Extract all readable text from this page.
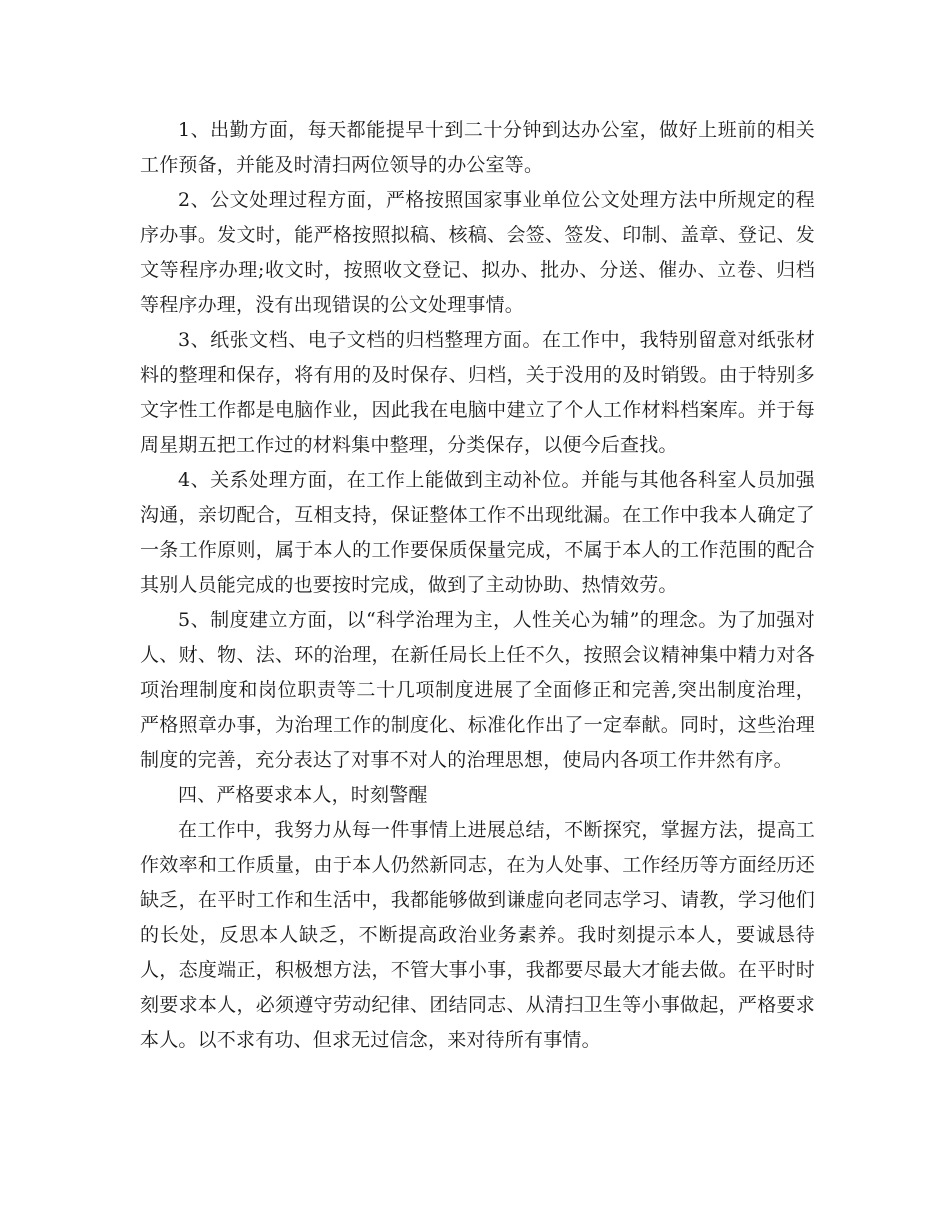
1、出勤方面，每天都能提早十到二十分钟到达办公室，做好上班前的相关工作预备，并能及时清扫两位领导的办公室等。

2、公文处理过程方面，严格按照国家事业单位公文处理方法中所规定的程序办事。发文时，能严格按照拟稿、核稿、会签、签发、印制、盖章、登记、发文等程序办理;收文时，按照收文登记、拟办、批办、分送、催办、立卷、归档等程序办理，没有出现错误的公文处理事情。

3、纸张文档、电子文档的归档整理方面。在工作中，我特别留意对纸张材料的整理和保存，将有用的及时保存、归档，关于没用的及时销毁。由于特别多文字性工作都是电脑作业，因此我在电脑中建立了个人工作材料档案库。并于每周星期五把工作过的材料集中整理，分类保存，以便今后查找。

4、关系处理方面，在工作上能做到主动补位。并能与其他各科室人员加强沟通，亲切配合，互相支持，保证整体工作不出现纰漏。在工作中我本人确定了一条工作原则，属于本人的工作要保质保量完成，不属于本人的工作范围的配合其别人员能完成的也要按时完成，做到了主动协助、热情效劳。

5、制度建立方面，以“科学治理为主，人性关心为辅”的理念。为了加强对人、财、物、法、环的治理，在新任局长上任不久，按照会议精神集中精力对各项治理制度和岗位职责等二十几项制度进展了全面修正和完善,突出制度治理，严格照章办事，为治理工作的制度化、标准化作出了一定奉献。同时，这些治理制度的完善，充分表达了对事不对人的治理思想，使局内各项工作井然有序。

四、严格要求本人，时刻警醒

在工作中，我努力从每一件事情上进展总结，不断探究，掌握方法，提高工作效率和工作质量，由于本人仍然新同志，在为人处事、工作经历等方面经历还缺乏，在平时工作和生活中，我都能够做到谦虚向老同志学习、请教，学习他们的长处，反思本人缺乏，不断提高政治业务素养。我时刻提示本人，要诚恳待人，态度端正，积极想方法，不管大事小事，我都要尽最大才能去做。在平时时刻要求本人，必须遵守劳动纪律、团结同志、从清扫卫生等小事做起，严格要求本人。以不求有功、但求无过信念，来对待所有事情。
